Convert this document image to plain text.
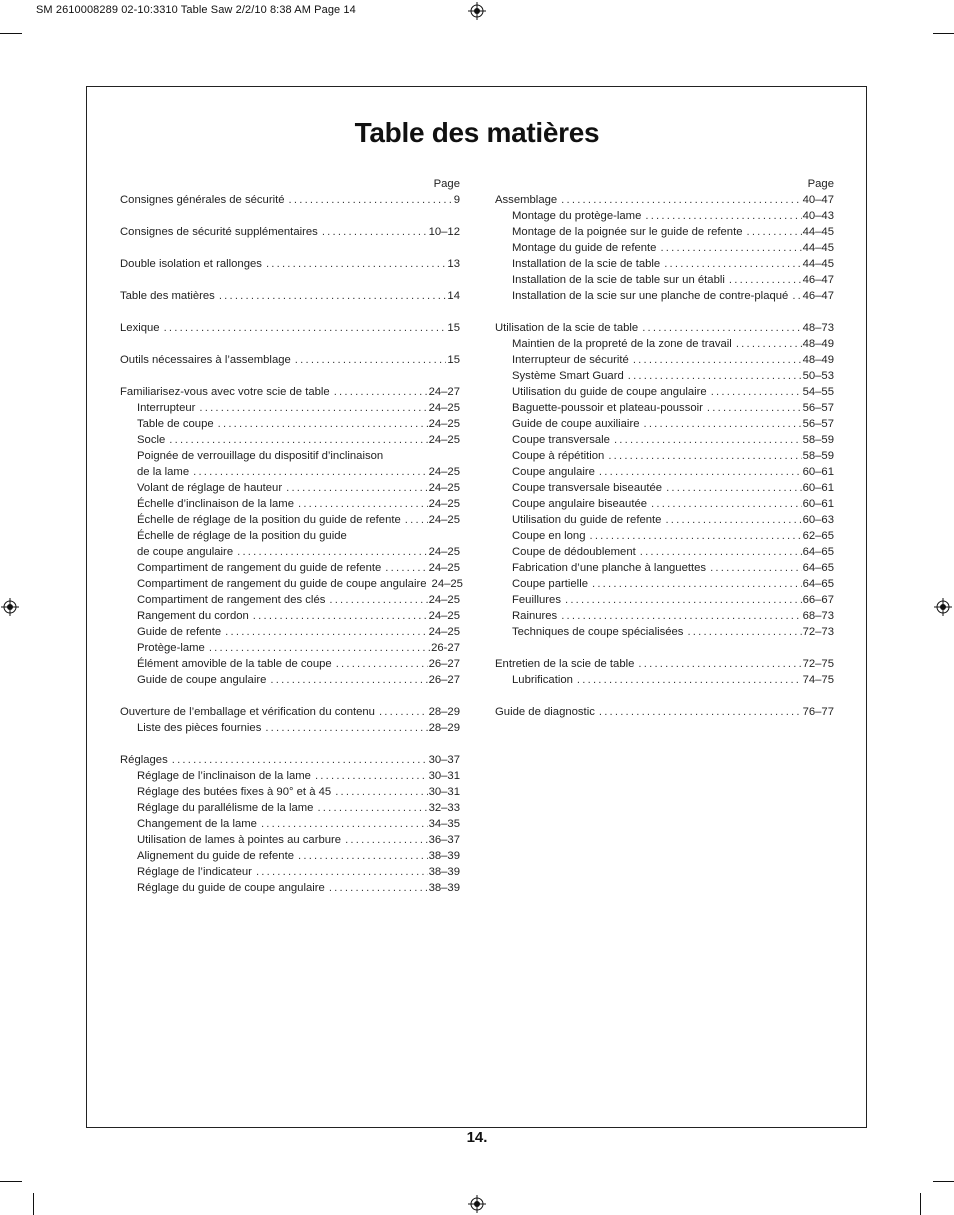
SM 2610008289 02-10:3310 Table Saw 2/2/10 8:38 AM Page 14
Table des matières
Page
Consignes générales de sécurité .....	9
Consignes de sécurité supplémentaires .....	10–12
Double isolation et rallonges .....	13
Table des matières .....	14
Lexique .....	15
Outils nécessaires à l’assemblage .....	15
Familiarisez-vous avec votre scie de table .....	24–27
Interrupteur .....	24–25
Table de coupe .....	24–25
Socle .....	24–25
Poignée de verrouillage du dispositif d’inclinaison
de la lame .....	24–25
Volant de réglage de hauteur .....	24–25
Échelle d’inclinaison de la lame .....	24–25
Échelle de réglage de la position du guide de refente ..... 24–25
Échelle de réglage de la position du guide
de coupe angulaire .....	24–25
Compartiment de rangement du guide de refente .....	24–25
Compartiment de rangement du guide de coupe angulaire 24–25
Compartiment de rangement des clés .....	24–25
Rangement du cordon .....	24–25
Guide de refente .....	24–25
Protège-lame .....	26-27
Élément amovible de la table de coupe .....	26–27
Guide de coupe angulaire .....	26–27
Ouverture de l’emballage et vérification du contenu .....	28–29
Liste des pièces fournies .....	28–29
Réglages .....	30–37
Réglage de l’inclinaison de la lame .....	30–31
Réglage des butées fixes à 90° et à 45 .....	30–31
Réglage du parallélisme de la lame .....	32–33
Changement de la lame .....	34–35
Utilisation de lames à pointes au carbure .....	36–37
Alignement du guide de refente .....	38–39
Réglage de l’indicateur .....	38–39
Réglage du guide de coupe angulaire .....	38–39
Page
Assemblage .....	40–47
Montage du protège-lame .....	40–43
Montage de la poignée sur le guide de refente .....	44–45
Montage du guide de refente .....	44–45
Installation de la scie de table .....	44–45
Installation de la scie de table sur un établi .....	46–47
Installation de la scie sur une planche de contre-plaqué ..... 46–47
Utilisation de la scie de table .....	48–73
Maintien de la propreté de la zone de travail .....	48–49
Interrupteur de sécurité .....	48–49
Système Smart Guard .....	50–53
Utilisation du guide de coupe angulaire .....	54–55
Baguette-poussoir et plateau-poussoir .....	56–57
Guide de coupe auxiliaire .....	56–57
Coupe transversale .....	58–59
Coupe à répétition .....	58–59
Coupe angulaire .....	60–61
Coupe transversale biseautée .....	60–61
Coupe angulaire biseautée .....	60–61
Utilisation du guide de refente .....	60–63
Coupe en long .....	62–65
Coupe de dédoublement .....	64–65
Fabrication d’une planche à languettes .....	64–65
Coupe partielle .....	64–65
Feuillures .....	66–67
Rainures .....	68–73
Techniques de coupe spécialisées .....	72–73
Entretien de la scie de table .....	72–75
Lubrification .....	74–75
Guide de diagnostic .....	76–77
14.
